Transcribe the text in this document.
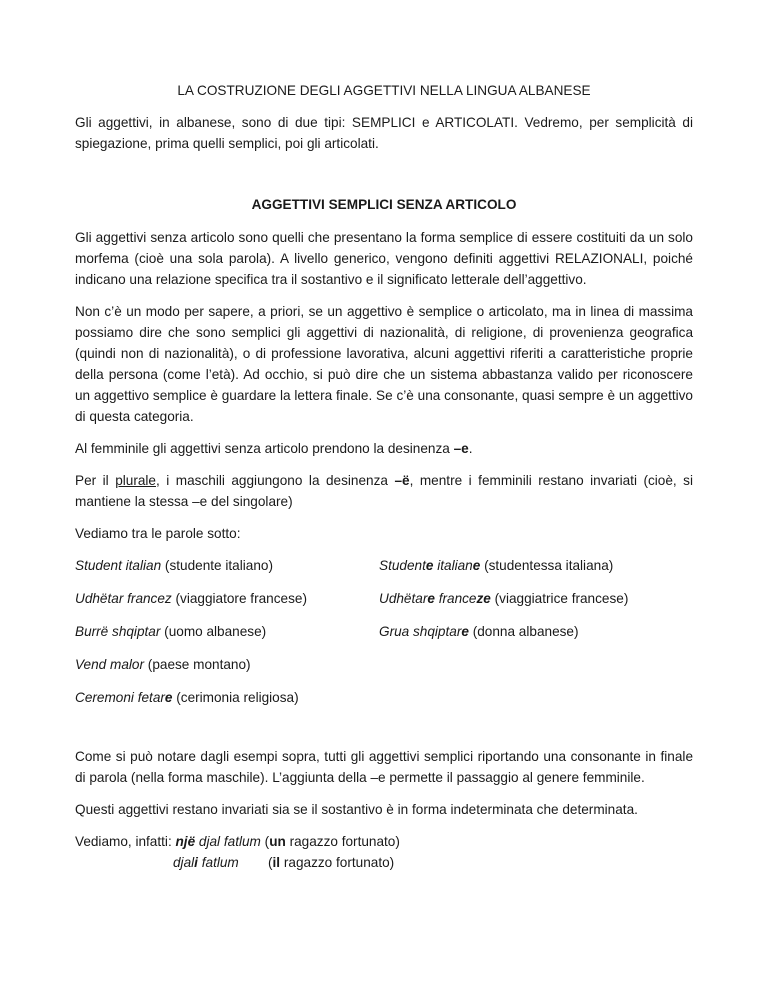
LA COSTRUZIONE DEGLI AGGETTIVI NELLA LINGUA ALBANESE

Gli aggettivi, in albanese, sono di due tipi: SEMPLICI e ARTICOLATI. Vedremo, per semplicità di spiegazione, prima quelli semplici, poi gli articolati.

AGGETTIVI SEMPLICI SENZA ARTICOLO

Gli aggettivi senza articolo sono quelli che presentano la forma semplice di essere costituiti da un solo morfema (cioè una sola parola). A livello generico, vengono definiti aggettivi RELAZIONALI, poiché indicano una relazione specifica tra il sostantivo e il significato letterale dell’aggettivo.

Non c’è un modo per sapere, a priori, se un aggettivo è semplice o articolato, ma in linea di massima possiamo dire che sono semplici gli aggettivi di nazionalità, di religione, di provenienza geografica (quindi non di nazionalità), o di professione lavorativa, alcuni aggettivi riferiti a caratteristiche proprie della persona (come l’età). Ad occhio, si può dire che un sistema abbastanza valido per riconoscere un aggettivo semplice è guardare la lettera finale. Se c’è una consonante, quasi sempre è un aggettivo di questa categoria.

Al femminile gli aggettivi senza articolo prendono la desinenza –e.

Per il plurale, i maschili aggiungono la desinenza –ë, mentre i femminili restano invariati (cioè, si mantiene la stessa –e del singolare)

Vediamo tra le parole sotto:

Student italian (studente italiano)	Studente italiane (studentessa italiana)
Udhëtar francez (viaggiatore francese)	Udhëtare franceze (viaggiatrice francese)
Burrë shqiptar (uomo albanese)	Grua shqiptare (donna albanese)
Vend malor (paese montano)
Ceremoni fetare (cerimonia religiosa)

Come si può notare dagli esempi sopra, tutti gli aggettivi semplici riportando una consonante in finale di parola (nella forma maschile). L’aggiunta della –e permette il passaggio al genere femminile.

Questi aggettivi restano invariati sia se il sostantivo è in forma indeterminata che determinata.

Vediamo, infatti: një djal fatlum (un ragazzo fortunato)

djali fatlum	(il ragazzo fortunato)
